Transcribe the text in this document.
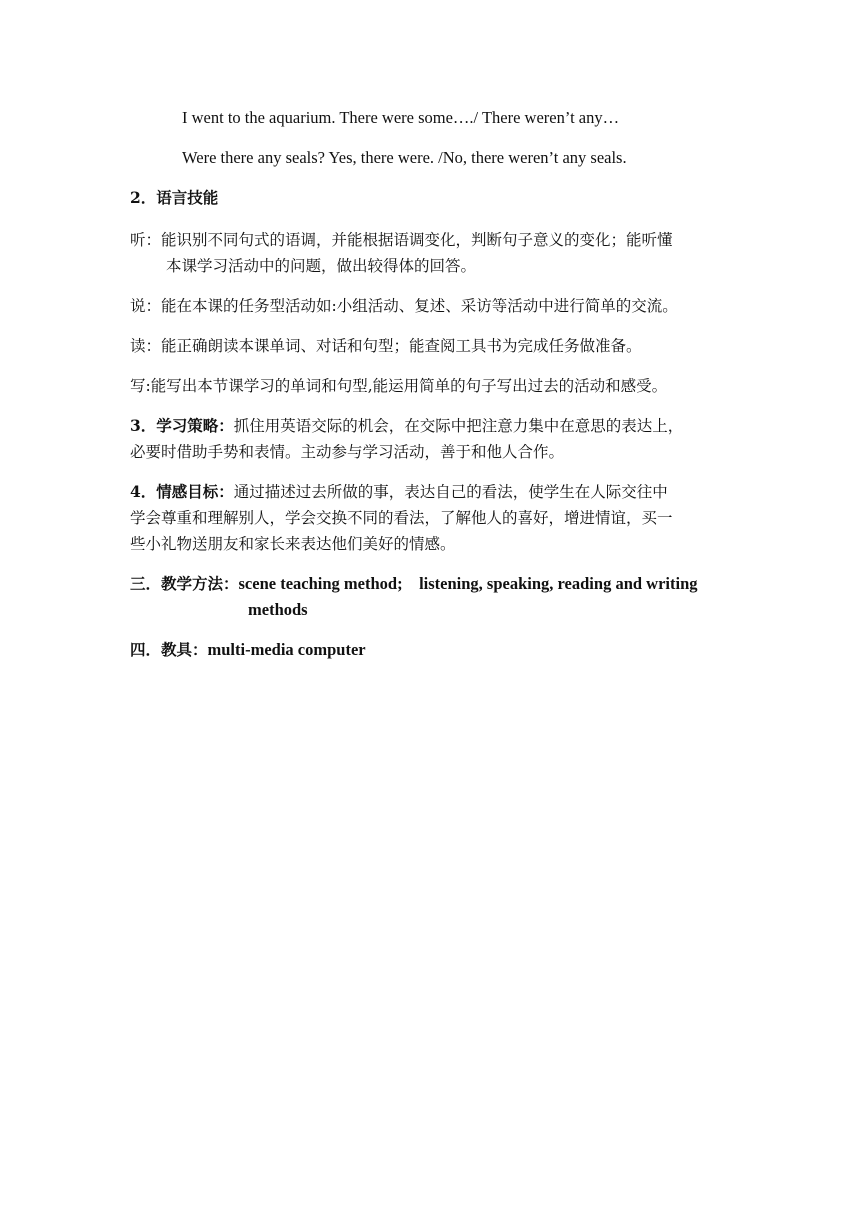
I went to the aquarium. There were some…./ There weren’t any…
Were there any seals? Yes, there were. /No, there weren’t any seals.
2．语言技能
听：能识别不同句式的语调，并能根据语调变化，判断句子意义的变化；能听懂
本课学习活动中的问题，做出较得体的回答。
说：能在本课的任务型活动如:小组活动、复述、采访等活动中进行简单的交流。
读：能正确朗读本课单词、对话和句型；能查阅工具书为完成任务做准备。
写:能写出本节课学习的单词和句型,能运用简单的句子写出过去的活动和感受。
3．学习策略：抓住用英语交际的机会，在交际中把注意力集中在意思的表达上，
必要时借助手势和表情。主动参与学习活动，善于和他人合作。
4．情感目标：通过描述过去所做的事，表达自己的看法，使学生在人际交往中
学会尊重和理解别人，学会交换不同的看法，了解他人的喜好，增进情谊，买一
些小礼物送朋友和家长来表达他们美好的情感。
三．教学方法：scene teaching method;    listening, speaking, reading and writing
methods
四．教具：multi-media computer
